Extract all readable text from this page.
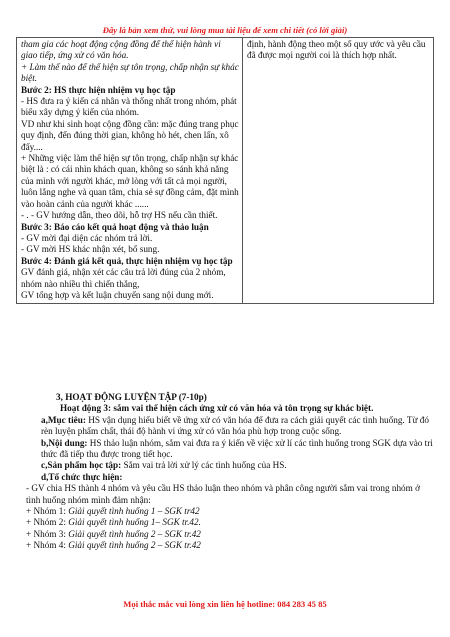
Đây là bản xem thử, vui lòng mua tài liệu để xem chi tiết (có lời giải)

tham gia các hoạt động cộng đồng để thể hiện hành vi giao tiếp, ứng xử có văn hóa.

+ Làm thế nào để thể hiện sự tôn trọng, chấp nhận sự khác biệt.

Bước 2: HS thực hiện nhiệm vụ học tập

- HS đưa ra ý kiến cá nhân và thống nhất trong nhóm, phát biểu xây dựng ý kiến của nhóm.

VD như khi sinh hoạt cộng đồng cần: mặc đúng trang phục quy định, đến đúng thời gian, không hò hét, chen lấn, xô đẩy....

+ Những việc làm thể hiện sự tôn trọng, chấp nhận sự khác biệt là : có cái nhìn khách quan, không so sánh khả năng của mình với người khác, mở lòng với tất cả mọi người, luôn lắng nghe và quan tâm, chia sẻ sự đồng cảm, đặt mình vào hoàn cảnh của người khác ......

- . - GV hướng dẫn, theo dõi, hỗ trợ HS nếu cần thiết.

Bước 3: Báo cáo kết quả hoạt động và thảo luận

- GV mời đại diện các nhóm trả lời.

- GV mời HS khác nhận xét, bổ sung.

Bước 4: Đánh giá kết quả, thực hiện nhiệm vụ học tập

GV đánh giá, nhận xét các câu trả lời đúng của 2 nhóm, nhóm nào nhiều thì chiến thắng,

GV tổng hợp và kết luận chuyển sang nội dung mới.

định, hành động theo một số quy ước và yêu cầu đã được mọi người coi là thích hợp nhất.

3, HOẠT ĐỘNG LUYỆN TẬP (7-10p)

Hoạt động 3: sắm vai thể hiện cách ứng xử có văn hóa và tôn trọng sự khác biệt.

a,Mục tiêu: HS vận dụng hiểu biết về ứng xử có văn hóa để đưa ra cách giải quyết các tình huống. Từ đó rèn luyện phẩm chất, thái độ hành vi ứng xử có văn hóa phù hợp trong cuộc sống.

b,Nội dung: HS thảo luận nhóm, sắm vai đưa ra ý kiến về việc xử lí các tình huống trong SGK dựa vào tri thức đã tiếp thu được trong tiết học.

c,Sản phẩm học tập: Sắm vai trả lời xử lý các tình huống của HS.

d,Tổ chức thực hiện:

- GV chia HS thành 4 nhóm và yêu cầu HS thảo luận theo nhóm và phân công người sắm vai trong nhóm ở tình huống nhóm mình đảm nhận:

+ Nhóm 1: Giải quyết tình huống 1 – SGK tr42

+ Nhóm 2: Giải quyết tình huống 1– SGK tr.42.

+ Nhóm 3: Giải quyết tình huống 2 – SGK tr.42

+ Nhóm 4: Giải quyết tình huống 2 – SGK tr.42

Mọi thắc mắc vui lòng xin liên hệ hotline: 084 283 45 85
